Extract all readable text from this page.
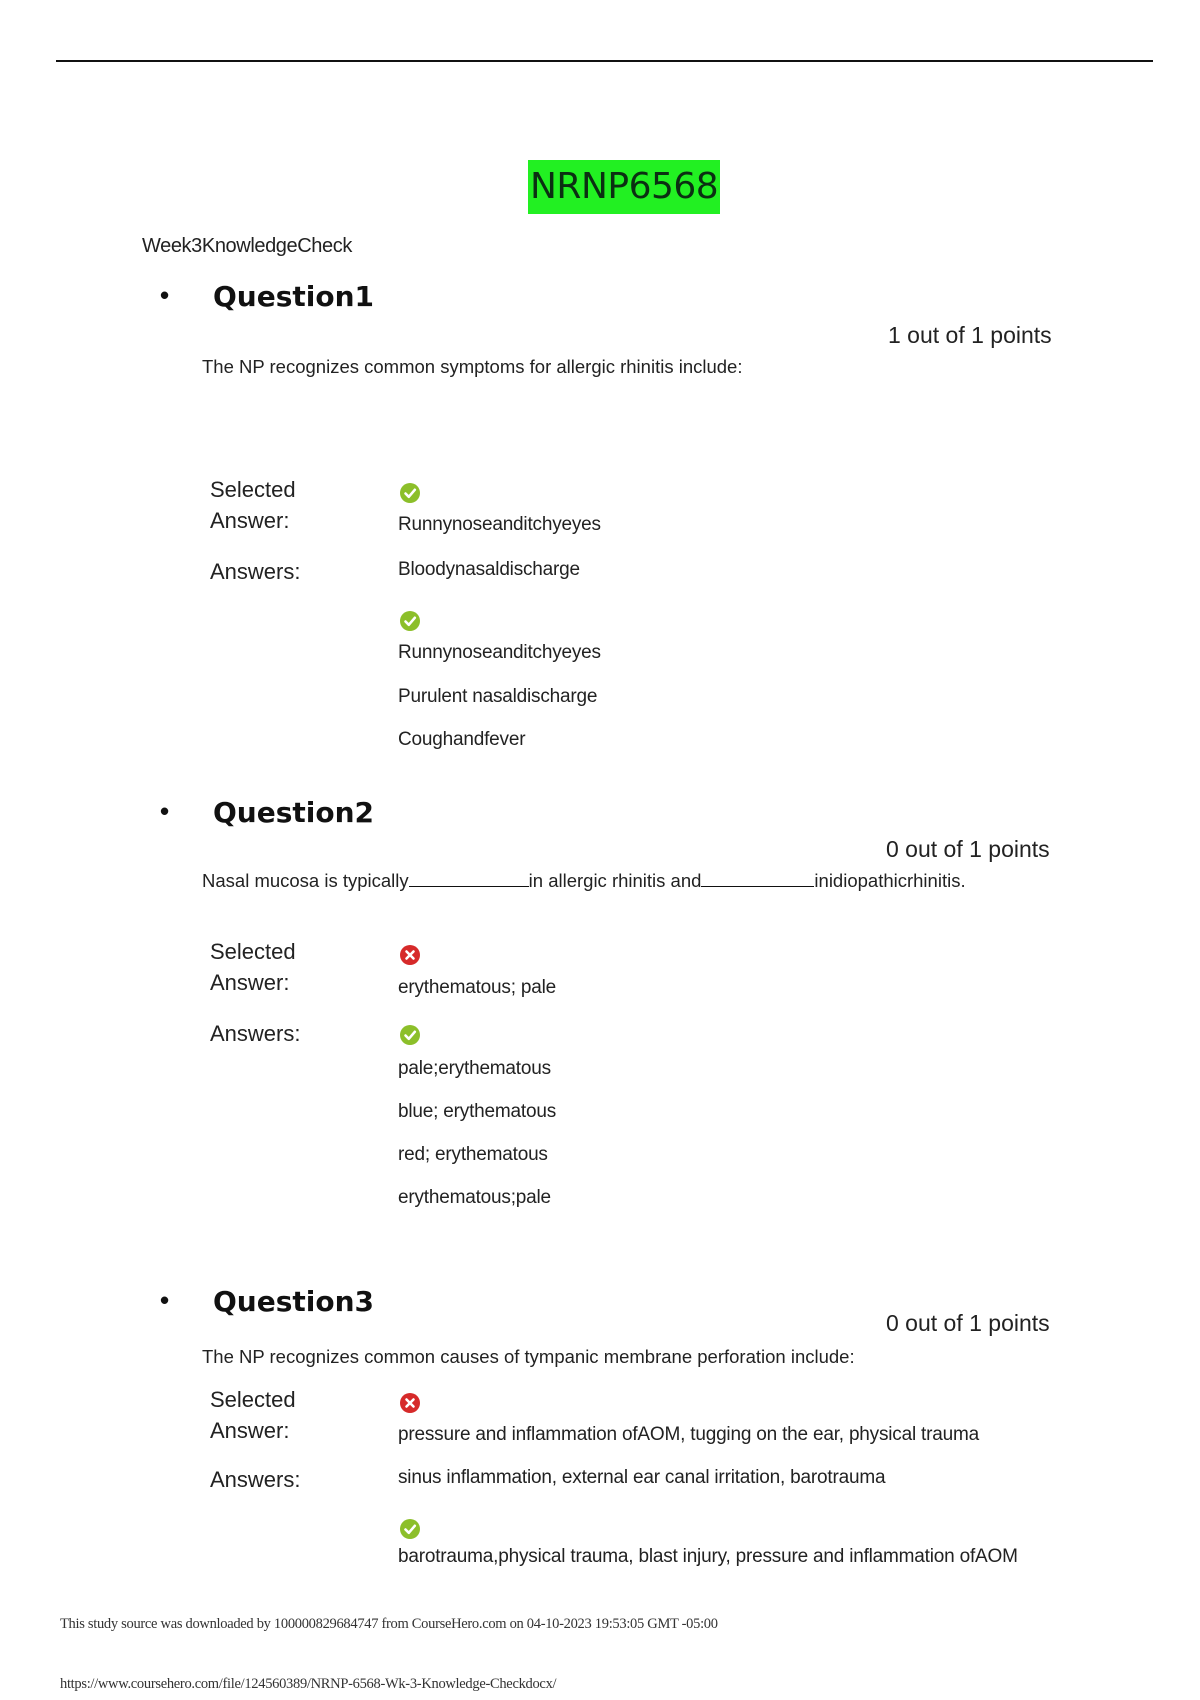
NRNP6568
Week3KnowledgeCheck
• Question1
1 out of 1 points
The NP recognizes common symptoms for allergic rhinitis include:
Selected
Answer:	Runnynoseanditchyeyes
Answers:	Bloodynasaldischarge
Runnynoseanditchyeyes
Purulent nasaldischarge
Coughandfever
• Question2
0 out of 1 points
Nasal mucosa is typically	in allergic rhinitis and	inidiopathicrhinitis.
Selected
Answer:	erythematous; pale
Answers:
pale;erythematous
blue; erythematous
red; erythematous
erythematous;pale
• Question3
0 out of 1 points
The NP recognizes common causes of tympanic membrane perforation include:
Selected
Answer:	pressure and inflammation ofAOM, tugging on the ear, physical trauma
Answers:	sinus inflammation, external ear canal irritation, barotrauma
barotrauma,physical trauma, blast injury, pressure and inflammation ofAOM
This study source was downloaded by 100000829684747 from CourseHero.com on 04-10-2023 19:53:05 GMT -05:00
https://www.coursehero.com/file/124560389/NRNP-6568-Wk-3-Knowledge-Checkdocx/
